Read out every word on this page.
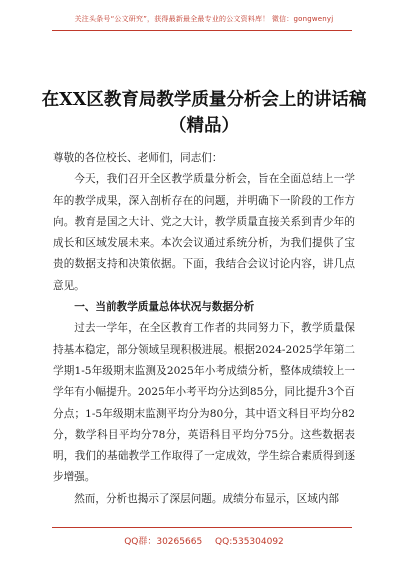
关注头条号“公文研究”，获得最新最全最专业的公文资料库！ 微信：gongwenyj
在XX区教育局教学质量分析会上的讲话稿（精品）

尊敬的各位校长、老师们，同志们：

今天，我们召开全区教学质量分析会，旨在全面总结上一学年的教学成果，深入剖析存在的问题，并明确下一阶段的工作方向。教育是国之大计、党之大计，教学质量直接关系到青少年的成长和区域发展未来。本次会议通过系统分析，为我们提供了宝贵的数据支持和决策依据。下面，我结合会议讨论内容，讲几点意见。

一、当前教学质量总体状况与数据分析

过去一学年，在全区教育工作者的共同努力下，教学质量保持基本稳定，部分领域呈现积极进展。根据2024-2025学年第二学期1-5年级期末监测及2025年小考成绩分析，整体成绩较上一学年有小幅提升。2025年小考平均分达到85分，同比提升3个百分点；1-5年级期末监测平均分为80分，其中语文科目平均分82分，数学科目平均分78分，英语科目平均分75分。这些数据表明，我们的基础教学工作取得了一定成效，学生综合素质得到逐步增强。

然而，分析也揭示了深层问题。成绩分布显示，区域内部

QQ群：30265665 QQ:535304092
